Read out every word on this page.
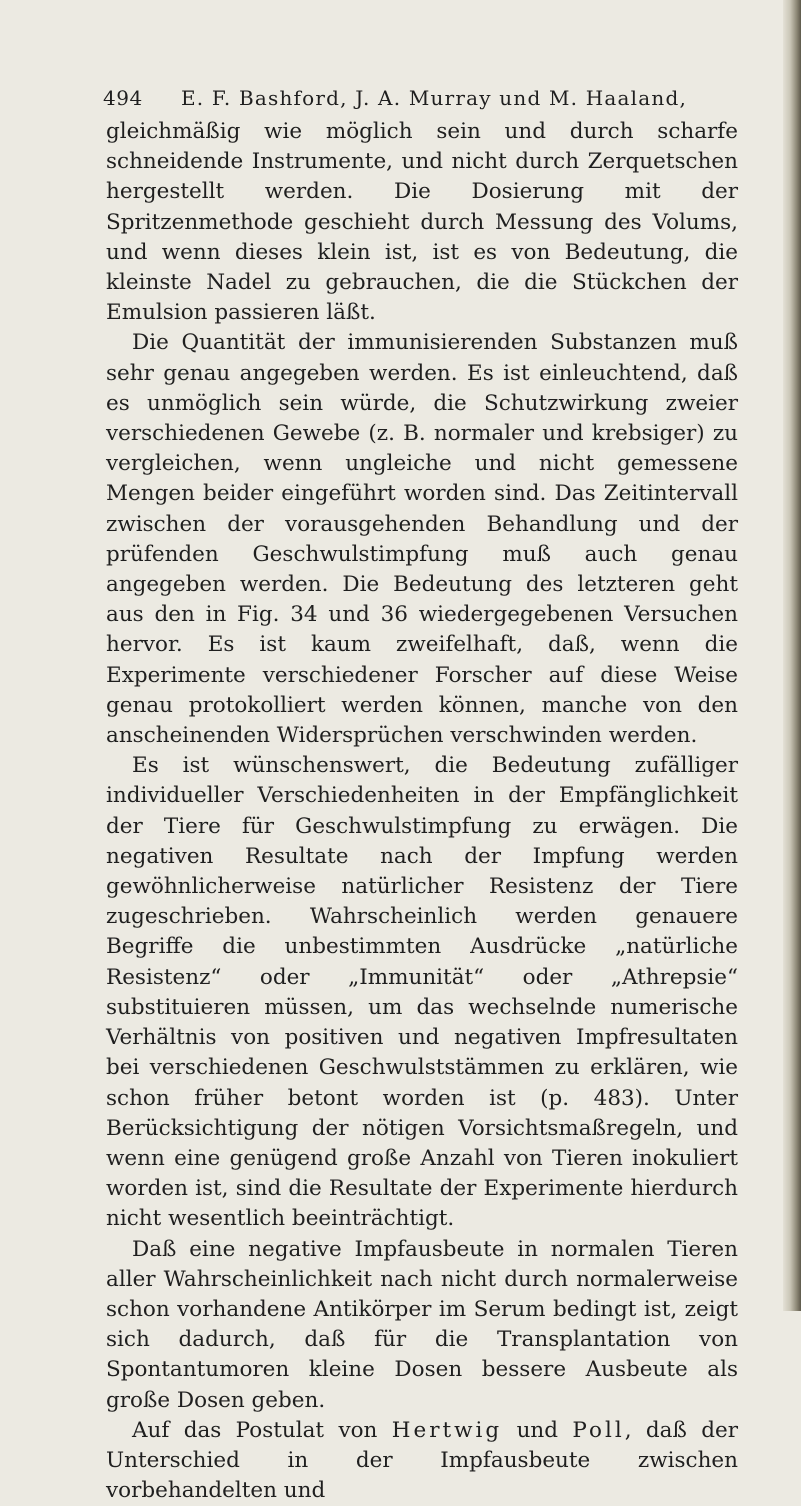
494 E. F. Bashford, J. A. Murray und M. Haaland,

gleichmäßig wie möglich sein und durch scharfe schneidende Instrumente, und nicht durch Zerquetschen hergestellt werden. Die Dosierung mit der Spritzenmethode geschieht durch Messung des Volums, und wenn dieses klein ist, ist es von Bedeutung, die kleinste Nadel zu gebrauchen, die die Stückchen der Emulsion passieren läßt.

Die Quantität der immunisierenden Substanzen muß sehr genau angegeben werden. Es ist einleuchtend, daß es unmöglich sein würde, die Schutzwirkung zweier verschiedenen Gewebe (z. B. normaler und krebsiger) zu vergleichen, wenn ungleiche und nicht gemessene Mengen beider eingeführt worden sind. Das Zeitintervall zwischen der vorausgehenden Behandlung und der prüfenden Geschwulstimpfung muß auch genau angegeben werden. Die Bedeutung des letzteren geht aus den in Fig. 34 und 36 wiedergegebenen Versuchen hervor. Es ist kaum zweifelhaft, daß, wenn die Experimente verschiedener Forscher auf diese Weise genau protokolliert werden können, manche von den anscheinenden Widersprüchen verschwinden werden.

Es ist wünschenswert, die Bedeutung zufälliger individueller Verschiedenheiten in der Empfänglichkeit der Tiere für Geschwulstimpfung zu erwägen. Die negativen Resultate nach der Impfung werden gewöhnlicherweise natürlicher Resistenz der Tiere zugeschrieben. Wahrscheinlich werden genauere Begriffe die unbestimmten Ausdrücke „natürliche Resistenz“ oder „Immunität“ oder „Athrepsie“ substituieren müssen, um das wechselnde numerische Verhältnis von positiven und negativen Impfresultaten bei verschiedenen Geschwulststämmen zu erklären, wie schon früher betont worden ist (p. 483). Unter Berücksichtigung der nötigen Vorsichtsmaßregeln, und wenn eine genügend große Anzahl von Tieren inokuliert worden ist, sind die Resultate der Experimente hierdurch nicht wesentlich beeinträchtigt.

Daß eine negative Impfausbeute in normalen Tieren aller Wahrscheinlichkeit nach nicht durch normalerweise schon vorhandene Antikörper im Serum bedingt ist, zeigt sich dadurch, daß für die Transplantation von Spontantumoren kleine Dosen bessere Ausbeute als große Dosen geben.

Auf das Postulat von Hertwig und Poll, daß der Unterschied in der Impfausbeute zwischen vorbehandelten und
